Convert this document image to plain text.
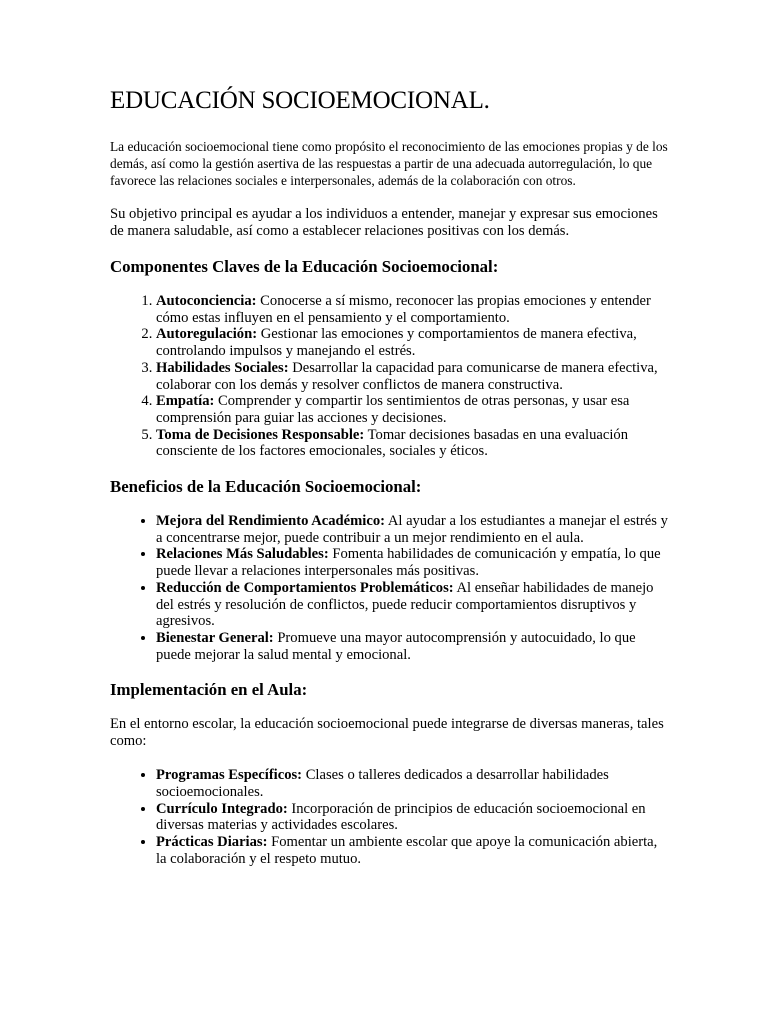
EDUCACIÓN SOCIOEMOCIONAL.

La educación socioemocional tiene como propósito el reconocimiento de las emociones propias y de los demás, así como la gestión asertiva de las respuestas a partir de una adecuada autorregulación, lo que favorece las relaciones sociales e interpersonales, además de la colaboración con otros.

Su objetivo principal es ayudar a los individuos a entender, manejar y expresar sus emociones de manera saludable, así como a establecer relaciones positivas con los demás.

Componentes Claves de la Educación Socioemocional:
1. Autoconciencia: Conocerse a sí mismo, reconocer las propias emociones y entender cómo estas influyen en el pensamiento y el comportamiento.
2. Autoregulación: Gestionar las emociones y comportamientos de manera efectiva, controlando impulsos y manejando el estrés.
3. Habilidades Sociales: Desarrollar la capacidad para comunicarse de manera efectiva, colaborar con los demás y resolver conflictos de manera constructiva.
4. Empatía: Comprender y compartir los sentimientos de otras personas, y usar esa comprensión para guiar las acciones y decisiones.
5. Toma de Decisiones Responsable: Tomar decisiones basadas en una evaluación consciente de los factores emocionales, sociales y éticos.
Beneficios de la Educación Socioemocional:
• Mejora del Rendimiento Académico: Al ayudar a los estudiantes a manejar el estrés y a concentrarse mejor, puede contribuir a un mejor rendimiento en el aula.
• Relaciones Más Saludables: Fomenta habilidades de comunicación y empatía, lo que puede llevar a relaciones interpersonales más positivas.
• Reducción de Comportamientos Problemáticos: Al enseñar habilidades de manejo del estrés y resolución de conflictos, puede reducir comportamientos disruptivos y agresivos.
• Bienestar General: Promueve una mayor autocomprensión y autocuidado, lo que puede mejorar la salud mental y emocional.
Implementación en el Aula:

En el entorno escolar, la educación socioemocional puede integrarse de diversas maneras, tales como:

• Programas Específicos: Clases o talleres dedicados a desarrollar habilidades socioemocionales.
• Currículo Integrado: Incorporación de principios de educación socioemocional en diversas materias y actividades escolares.
• Prácticas Diarias: Fomentar un ambiente escolar que apoye la comunicación abierta, la colaboración y el respeto mutuo.
